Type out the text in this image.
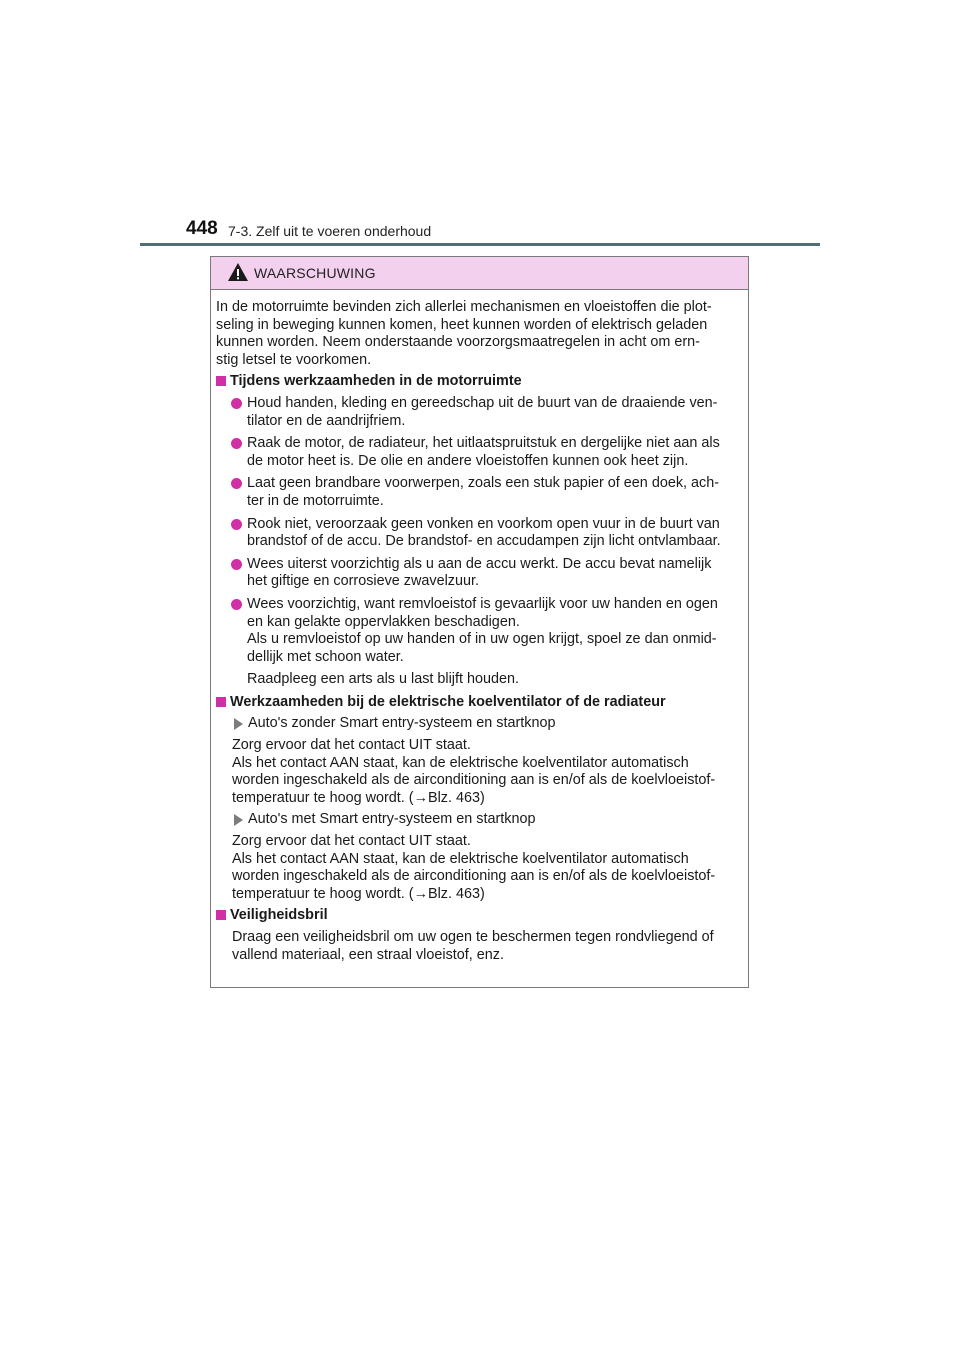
448 7-3. Zelf uit te voeren onderhoud
WAARSCHUWING

In de motorruimte bevinden zich allerlei mechanismen en vloeistoffen die plot-
seling in beweging kunnen komen, heet kunnen worden of elektrisch geladen
kunnen worden. Neem onderstaande voorzorgsmaatregelen in acht om ern-
stig letsel te voorkomen.

Tijdens werkzaamheden in de motorruimte
Houd handen, kleding en gereedschap uit de buurt van de draaiende ven-
tilator en de aandrijfriem.
Raak de motor, de radiateur, het uitlaatspruitstuk en dergelijke niet aan als
de motor heet is. De olie en andere vloeistoffen kunnen ook heet zijn.
Laat geen brandbare voorwerpen, zoals een stuk papier of een doek, ach-
ter in de motorruimte.
Rook niet, veroorzaak geen vonken en voorkom open vuur in de buurt van
brandstof of de accu. De brandstof- en accudampen zijn licht ontvlambaar.
Wees uiterst voorzichtig als u aan de accu werkt. De accu bevat namelijk
het giftige en corrosieve zwavelzuur.
Wees voorzichtig, want remvloeistof is gevaarlijk voor uw handen en ogen
en kan gelakte oppervlakken beschadigen.
Als u remvloeistof op uw handen of in uw ogen krijgt, spoel ze dan onmid-
dellijk met schoon water.
Raadpleeg een arts als u last blijft houden.
Werkzaamheden bij de elektrische koelventilator of de radiateur
Auto's zonder Smart entry-systeem en startknop
Zorg ervoor dat het contact UIT staat.
Als het contact AAN staat, kan de elektrische koelventilator automatisch
worden ingeschakeld als de airconditioning aan is en/of als de koelvloeistof-
temperatuur te hoog wordt. (→Blz. 463)
Auto's met Smart entry-systeem en startknop
Zorg ervoor dat het contact UIT staat.
Als het contact AAN staat, kan de elektrische koelventilator automatisch
worden ingeschakeld als de airconditioning aan is en/of als de koelvloeistof-
temperatuur te hoog wordt. (→Blz. 463)
Veiligheidsbril
Draag een veiligheidsbril om uw ogen te beschermen tegen rondvliegend of
vallend materiaal, een straal vloeistof, enz.
